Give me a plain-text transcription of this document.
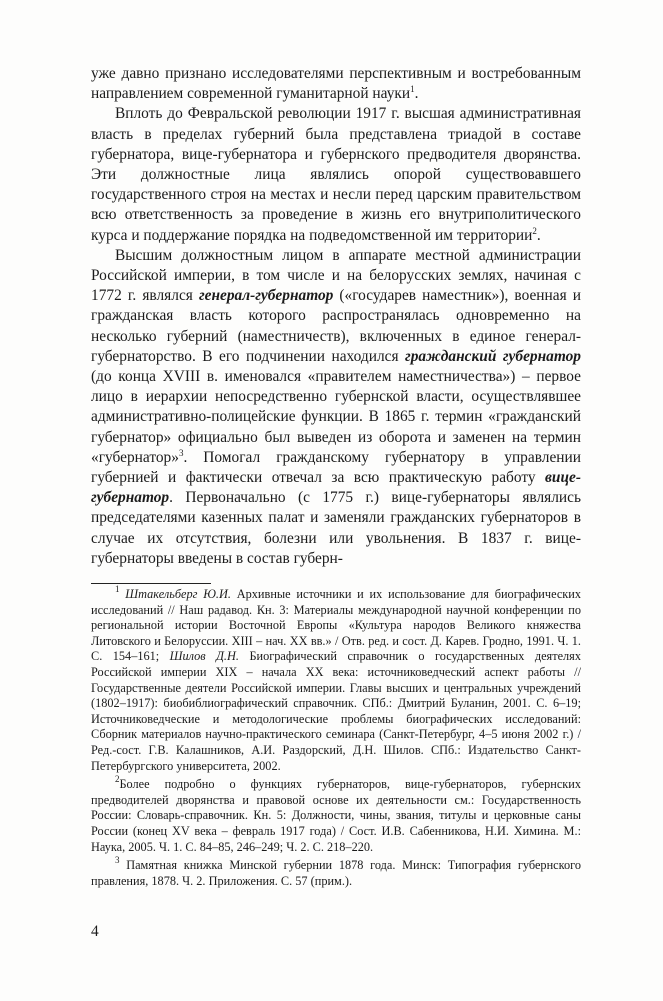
уже давно признано исследователями перспективным и востребованным направлением современной гуманитарной науки$^1$.

Вплоть до Февральской революции 1917 г. высшая административная власть в пределах губерний была представлена триадой в составе губернатора, вице-губернатора и губернского предводителя дворянства. Эти должностные лица являлись опорой существовавшего государственного строя на местах и несли перед царским правительством всю ответственность за проведение в жизнь его внутриполитического курса и поддержание порядка на подведомственной им территории$^2$.

Высшим должностным лицом в аппарате местной администрации Российской империи, в том числе и на белорусских землях, начиная с 1772 г. являлся генерал-губернатор («государев наместник»), военная и гражданская власть которого распространялась одновременно на несколько губерний (наместничеств), включенных в единое генерал-губернаторство. В его подчинении находился гражданский губернатор (до конца XVIII в. именовался «правителем наместничества») – первое лицо в иерархии непосредственно губернской власти, осуществлявшее административно-полицейские функции. В 1865 г. термин «гражданский губернатор» официально был выведен из оборота и заменен на термин «губернатор»$^3$. Помогал гражданскому губернатору в управлении губернией и фактически отвечал за всю практическую работу вице-губернатор. Первоначально (с 1775 г.) вице-губернаторы являлись председателями казенных палат и заменяли гражданских губернаторов в случае их отсутствия, болезни или увольнения. В 1837 г. вице-губернаторы введены в состав губерн-

$^1$ Штакельберг Ю.И. Архивные источники и их использование для биографических исследований // Наш радавод. Кн. 3: Материалы международной научной конференции по региональной истории Восточной Европы «Культура народов Великого княжества Литовского и Белоруссии. XIII – нач. XX вв.» / Отв. ред. и сост. Д. Карев. Гродно, 1991. Ч. 1. С. 154–161; Шилов Д.Н. Биографический справочник о государственных деятелях Российской империи XIX – начала XX века: источниковедческий аспект работы // Государственные деятели Российской империи. Главы высших и центральных учреждений (1802–1917): биобиблиографический справочник. СПб.: Дмитрий Буланин, 2001. С. 6–19; Источниковедческие и методологические проблемы биографических исследований: Сборник материалов научно-практического семинара (Санкт-Петербург, 4–5 июня 2002 г.) / Ред.-сост. Г.В. Калашников, А.И. Раздорский, Д.Н. Шилов. СПб.: Издательство Санкт-Петербургского университета, 2002.

$^2$Более подробно о функциях губернаторов, вице-губернаторов, губернских предводителей дворянства и правовой основе их деятельности см.: Государственность России: Словарь-справочник. Кн. 5: Должности, чины, звания, титулы и церковные саны России (конец XV века – февраль 1917 года) / Сост. И.В. Сабенникова, Н.И. Химина. М.: Наука, 2005. Ч. 1. С. 84–85, 246–249; Ч. 2. С. 218–220.

$^3$ Памятная книжка Минской губернии 1878 года. Минск: Типография губернского правления, 1878. Ч. 2. Приложения. С. 57 (прим.).

4
